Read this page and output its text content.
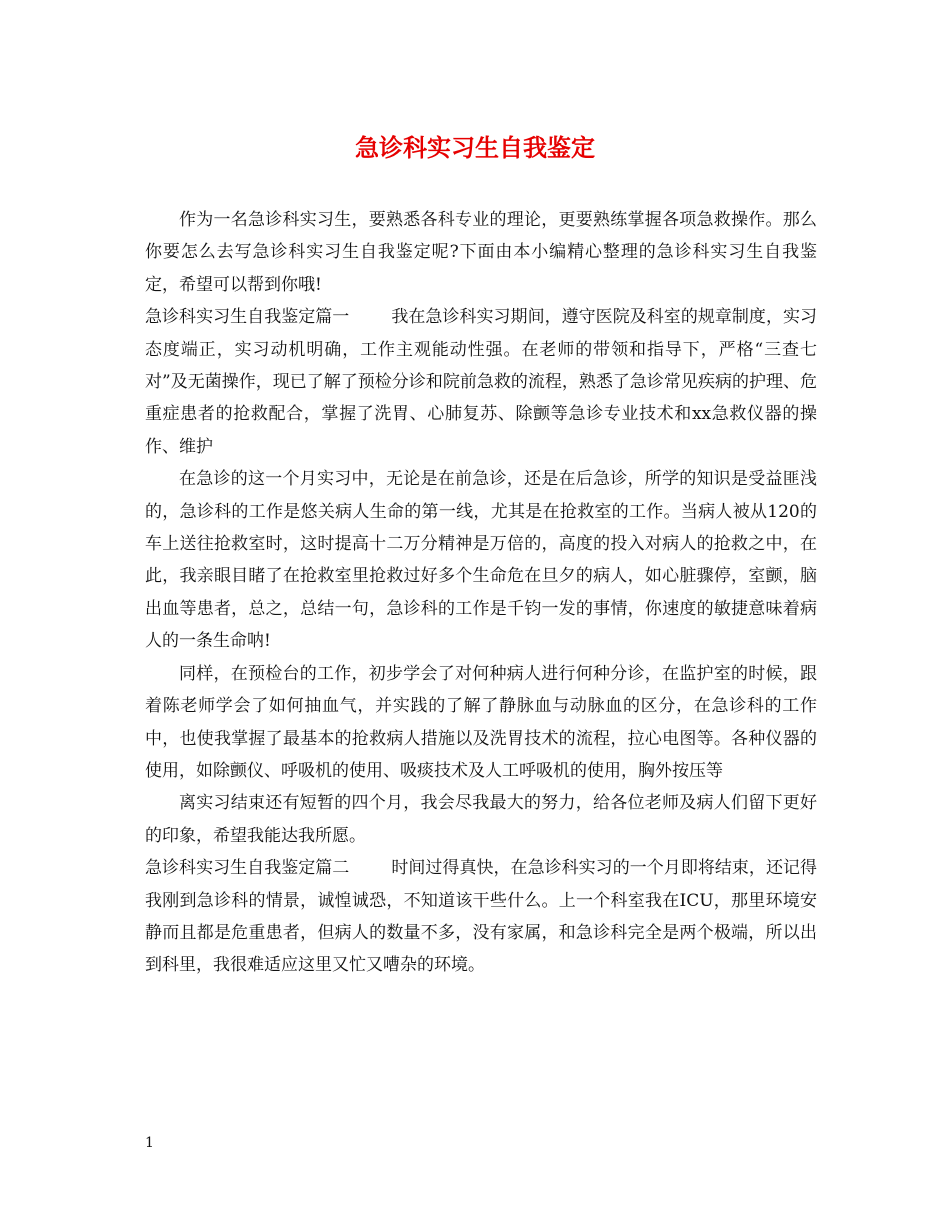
急诊科实习生自我鉴定

作为一名急诊科实习生，要熟悉各科专业的理论，更要熟练掌握各项急救操作。那么你要怎么去写急诊科实习生自我鉴定呢?下面由本小编精心整理的急诊科实习生自我鉴定，希望可以帮到你哦!

急诊科实习生自我鉴定篇一 我在急诊科实习期间，遵守医院及科室的规章制度，实习态度端正，实习动机明确，工作主观能动性强。在老师的带领和指导下，严格“三查七对”及无菌操作，现已了解了预检分诊和院前急救的流程，熟悉了急诊常见疾病的护理、危重症患者的抢救配合，掌握了洗胃、心肺复苏、除颤等急诊专业技术和xx急救仪器的操作、维护

在急诊的这一个月实习中，无论是在前急诊，还是在后急诊，所学的知识是受益匪浅的，急诊科的工作是悠关病人生命的第一线，尤其是在抢救室的工作。当病人被从120的车上送往抢救室时，这时提高十二万分精神是万倍的，高度的投入对病人的抢救之中，在此，我亲眼目睹了在抢救室里抢救过好多个生命危在旦夕的病人，如心脏骤停，室颤，脑出血等患者，总之，总结一句，急诊科的工作是千钧一发的事情，你速度的敏捷意味着病人的一条生命呐!

同样，在预检台的工作，初步学会了对何种病人进行何种分诊，在监护室的时候，跟着陈老师学会了如何抽血气，并实践的了解了静脉血与动脉血的区分，在急诊科的工作中，也使我掌握了最基本的抢救病人措施以及洗胃技术的流程，拉心电图等。各种仪器的使用，如除颤仪、呼吸机的使用、吸痰技术及人工呼吸机的使用，胸外按压等

离实习结束还有短暂的四个月，我会尽我最大的努力，给各位老师及病人们留下更好的印象，希望我能达我所愿。

急诊科实习生自我鉴定篇二 时间过得真快，在急诊科实习的一个月即将结束，还记得我刚到急诊科的情景，诚惶诚恐，不知道该干些什么。上一个科室我在ICU，那里环境安静而且都是危重患者，但病人的数量不多，没有家属，和急诊科完全是两个极端，所以出到科里，我很难适应这里又忙又嘈杂的环境。

1
